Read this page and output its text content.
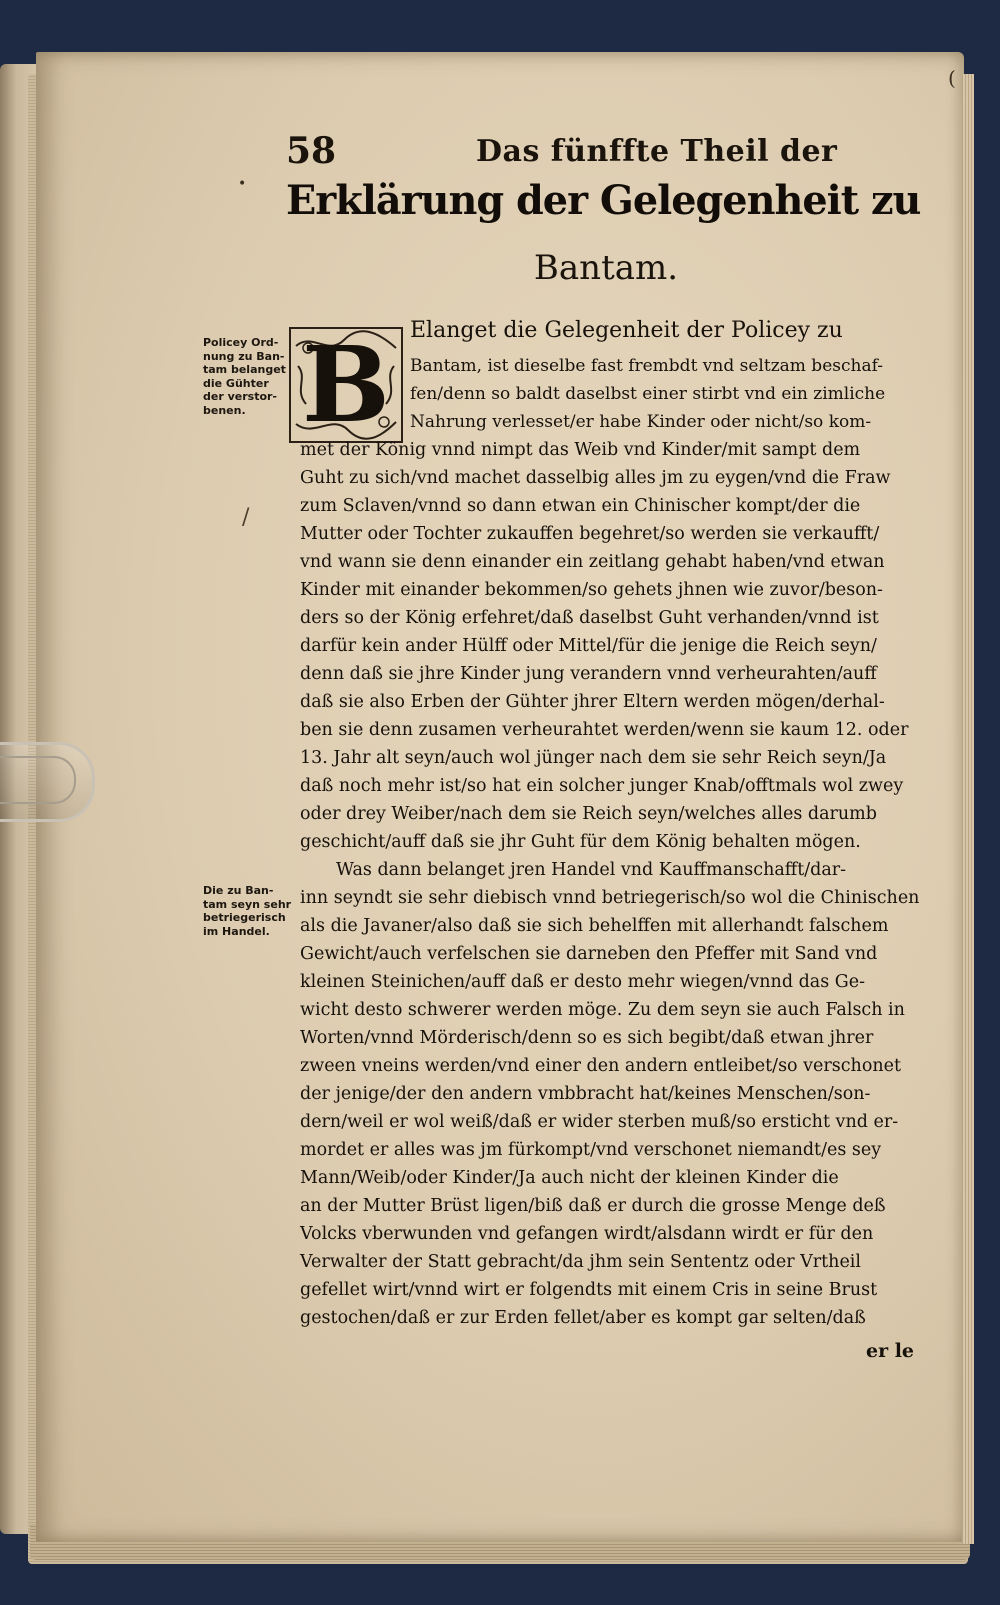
(
58	Das fünffte Theil der
Erklärung der Gelegenheit zu
Bantam.
Policey Ord-
nung zu Ban-
tam belanget
die Gühter
der verstor-
benen.
Die zu Ban-
tam seyn sehr
betriegerisch
im Handel.
B
•
/
Elanget die Gelegenheit der Policey zu
Bantam, ist dieselbe fast frembdt vnd seltzam beschaf-
fen/denn so baldt daselbst einer stirbt vnd ein zimliche
Nahrung verlesset/er habe Kinder oder nicht/so kom-
met der König vnnd nimpt das Weib vnd Kinder/mit sampt dem
Guht zu sich/vnd machet dasselbig alles jm zu eygen/vnd die Fraw
zum Sclaven/vnnd so dann etwan ein Chinischer kompt/der die
Mutter oder Tochter zukauffen begehret/so werden sie verkaufft/
vnd wann sie denn einander ein zeitlang gehabt haben/vnd etwan
Kinder mit einander bekommen/so gehets jhnen wie zuvor/beson-
ders so der König erfehret/daß daselbst Guht verhanden/vnnd ist
darfür kein ander Hülff oder Mittel/für die jenige die Reich seyn/
denn daß sie jhre Kinder jung verandern vnnd verheurahten/auff
daß sie also Erben der Gühter jhrer Eltern werden mögen/derhal-
ben sie denn zusamen verheurahtet werden/wenn sie kaum 12. oder
13. Jahr alt seyn/auch wol jünger nach dem sie sehr Reich seyn/Ja
daß noch mehr ist/so hat ein solcher junger Knab/offtmals wol zwey
oder drey Weiber/nach dem sie Reich seyn/welches alles darumb
geschicht/auff daß sie jhr Guht für dem König behalten mögen.
Was dann belanget jren Handel vnd Kauffmanschafft/dar-
inn seyndt sie sehr diebisch vnnd betriegerisch/so wol die Chinischen
als die Javaner/also daß sie sich behelffen mit allerhandt falschem
Gewicht/auch verfelschen sie darneben den Pfeffer mit Sand vnd
kleinen Steinichen/auff daß er desto mehr wiegen/vnnd das Ge-
wicht desto schwerer werden möge. Zu dem seyn sie auch Falsch in
Worten/vnnd Mörderisch/denn so es sich begibt/daß etwan jhrer
zween vneins werden/vnd einer den andern entleibet/so verschonet
der jenige/der den andern vmbbracht hat/keines Menschen/son-
dern/weil er wol weiß/daß er wider sterben muß/so ersticht vnd er-
mordet er alles was jm fürkompt/vnd verschonet niemandt/es sey
Mann/Weib/oder Kinder/Ja auch nicht der kleinen Kinder die
an der Mutter Brüst ligen/biß daß er durch die grosse Menge deß
Volcks vberwunden vnd gefangen wirdt/alsdann wirdt er für den
Verwalter der Statt gebracht/da jhm sein Sententz oder Vrtheil
gefellet wirt/vnnd wirt er folgendts mit einem Cris in seine Brust
gestochen/daß er zur Erden fellet/aber es kompt gar selten/daß
er le
